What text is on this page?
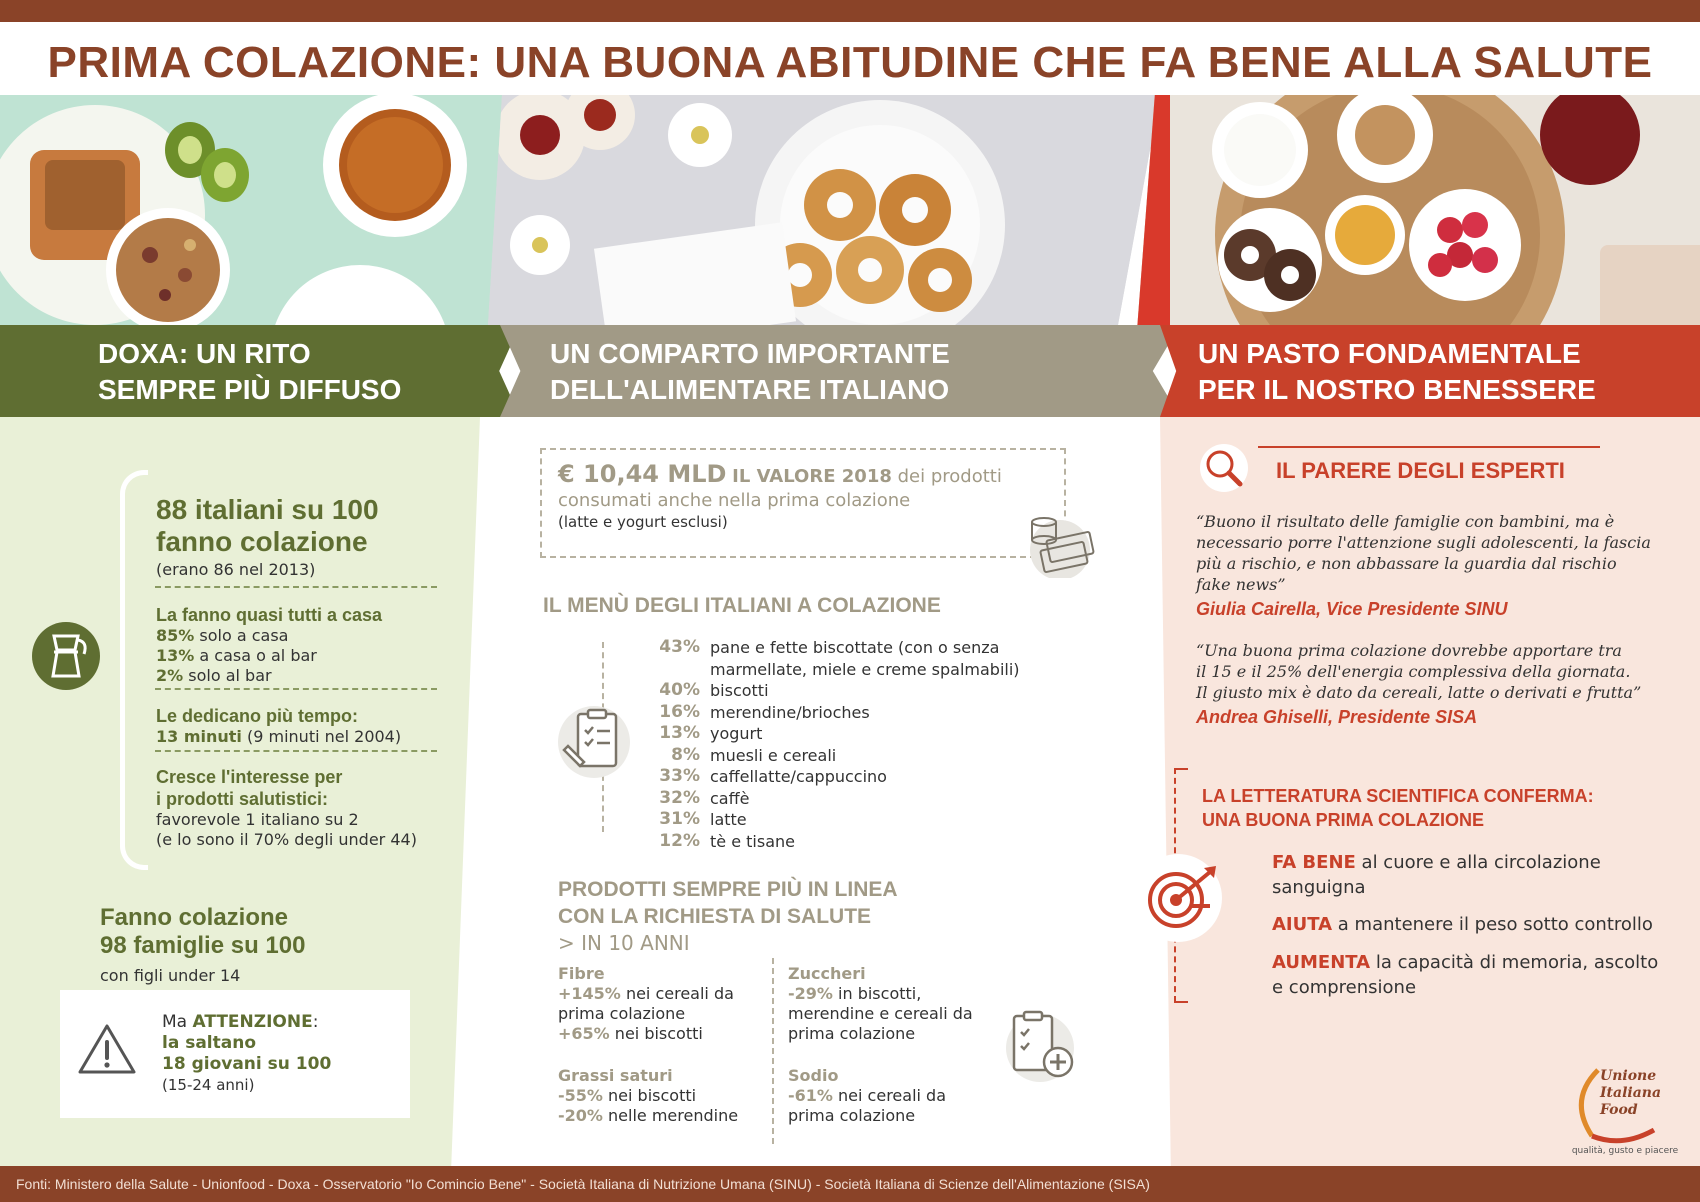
PRIMA COLAZIONE: UNA BUONA ABITUDINE CHE FA BENE ALLA SALUTE
DOXA: UN RITO
SEMPRE PIÙ DIFFUSO
UN COMPARTO IMPORTANTE
DELL'ALIMENTARE ITALIANO
UN PASTO FONDAMENTALE
PER IL NOSTRO BENESSERE
88 italiani su 100
fanno colazione
(erano 86 nel 2013)
La fanno quasi tutti a casa
85% solo a casa
13% a casa o al bar
2% solo al bar
Le dedicano più tempo:
13 minuti (9 minuti nel 2004)
Cresce l'interesse per
i prodotti salutistici:
favorevole 1 italiano su 2
(e lo sono il 70% degli under 44)
Fanno colazione
98 famiglie su 100
con figli under 14
Ma ATTENZIONE:
la saltano
18 giovani su 100
(15-24 anni)
€ 10,44 MLD IL VALORE 2018 dei prodotti
consumati anche nella prima colazione
(latte e yogurt esclusi)
IL MENÙ DEGLI ITALIANI A COLAZIONE
43% pane e fette biscottate (con o senza marmellate, miele e creme spalmabili)
40% biscotti
16% merendine/brioches
13% yogurt
8% muesli e cereali
33% caffellatte/cappuccino
32% caffè
31% latte
12% tè e tisane
PRODOTTI SEMPRE PIÙ IN LINEA
CON LA RICHIESTA DI SALUTE
> IN 10 ANNI
Fibre
+145% nei cereali da
prima colazione
+65% nei biscotti
Zuccheri
-29% in biscotti,
merendine e cereali da
prima colazione
Grassi saturi
-55% nei biscotti
-20% nelle merendine
Sodio
-61% nei cereali da
prima colazione
IL PARERE DEGLI ESPERTI
“Buono il risultato delle famiglie con bambini, ma è
necessario porre l'attenzione sugli adolescenti, la fascia
più a rischio, e non abbassare la guardia dal rischio
fake news”
Giulia Cairella, Vice Presidente SINU
“Una buona prima colazione dovrebbe apportare tra
il 15 e il 25% dell'energia complessiva della giornata.
Il giusto mix è dato da cereali, latte o derivati e frutta”
Andrea Ghiselli, Presidente SISA
LA LETTERATURA SCIENTIFICA CONFERMA:
UNA BUONA PRIMA COLAZIONE
FA BENE al cuore e alla circolazione
sanguigna
AIUTA a mantenere il peso sotto controllo
AUMENTA la capacità di memoria, ascolto
e comprensione
Unione
Italiana
Food
qualità, gusto e piacere
Fonti: Ministero della Salute - Unionfood - Doxa - Osservatorio "Io Comincio Bene" - Società Italiana di Nutrizione Umana (SINU) - Società Italiana di Scienze dell'Alimentazione (SISA)
